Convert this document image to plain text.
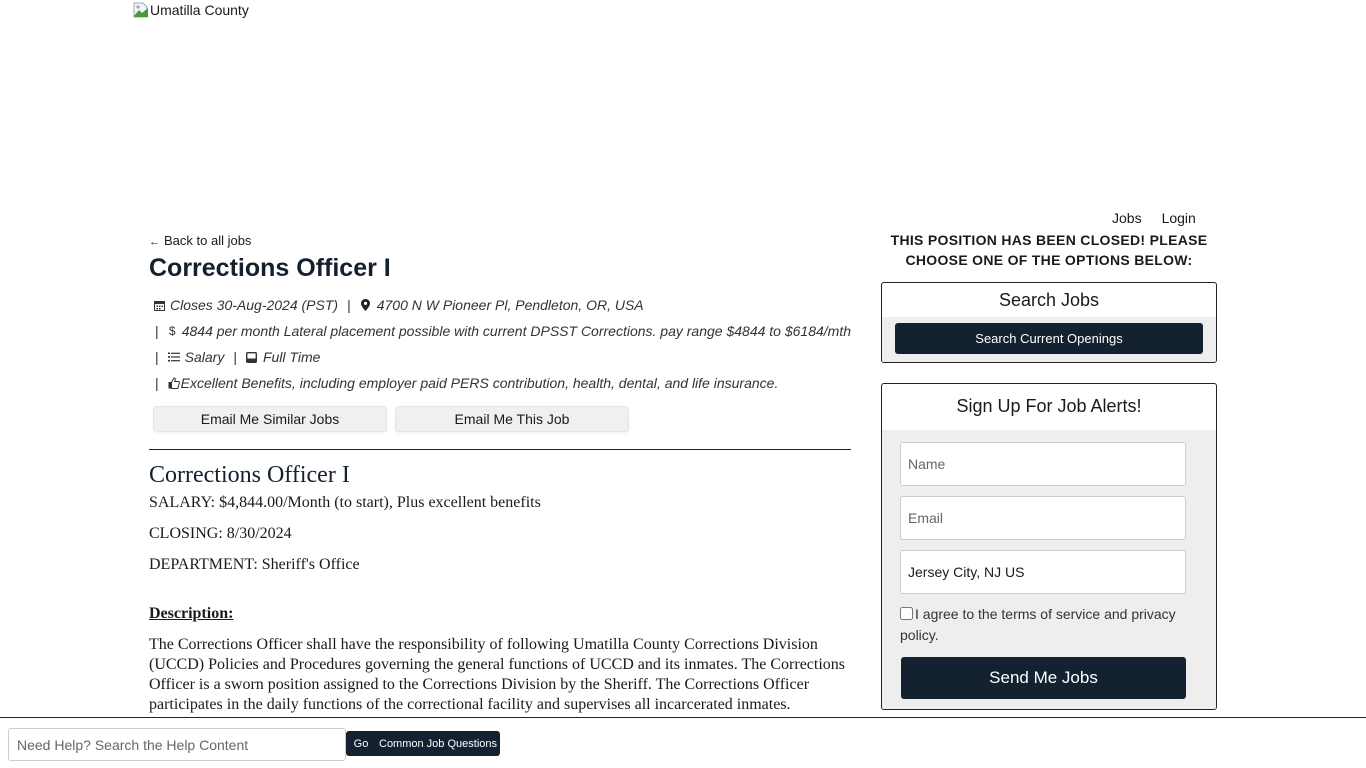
Umatilla County
Jobs Login
← Back to all jobs
Corrections Officer I
Closes 30-Aug-2024 (PST) | 4700 N W Pioneer Pl, Pendleton, OR, USA
| $ 4844 per month Lateral placement possible with current DPSST Corrections. pay range $4844 to $6184/mth
| Salary | Full Time
| Excellent Benefits, including employer paid PERS contribution, health, dental, and life insurance.
Email Me Similar Jobs	Email Me This Job
Corrections Officer I

SALARY: $4,844.00/Month (to start), Plus excellent benefits

CLOSING: 8/30/2024

DEPARTMENT: Sheriff's Office

Description:

The Corrections Officer shall have the responsibility of following Umatilla County Corrections Division (UCCD) Policies and Procedures governing the general functions of UCCD and its inmates. The Corrections Officer is a sworn position assigned to the Corrections Division by the Sheriff. The Corrections Officer participates in the daily functions of the correctional facility and supervises all incarcerated inmates.

THIS POSITION HAS BEEN CLOSED! PLEASE CHOOSE ONE OF THE OPTIONS BELOW:

Search Jobs
Search Current Openings
Sign Up For Job Alerts!
Name
Email
Jersey City, NJ US
I agree to the terms of service and privacy policy.
Send Me Jobs
Need Help? Search the Help Content
Go Common Job Questions
